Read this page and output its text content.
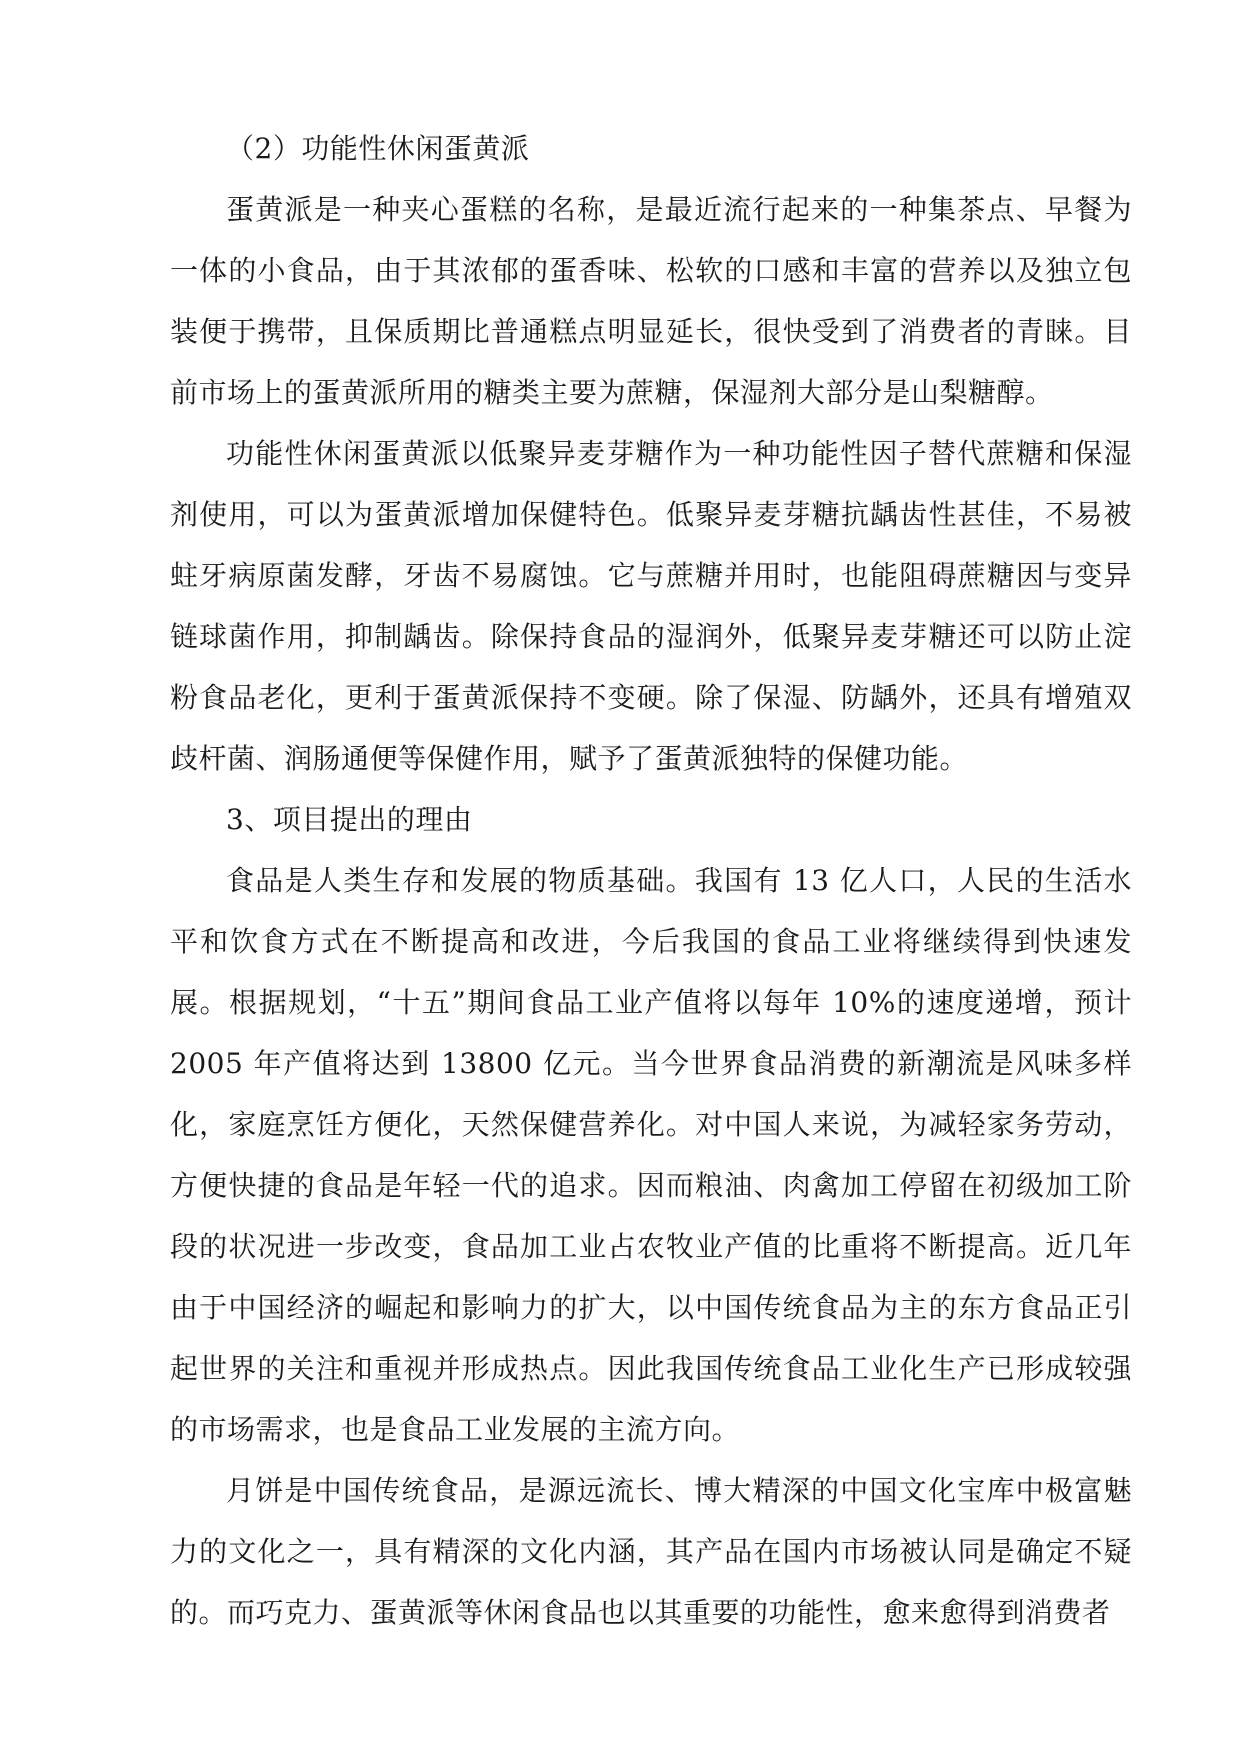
（2）功能性休闲蛋黄派

蛋黄派是一种夹心蛋糕的名称，是最近流行起来的一种集茶点、早餐为一体的小食品，由于其浓郁的蛋香味、松软的口感和丰富的营养以及独立包装便于携带，且保质期比普通糕点明显延长，很快受到了消费者的青睐。目前市场上的蛋黄派所用的糖类主要为蔗糖，保湿剂大部分是山梨糖醇。

功能性休闲蛋黄派以低聚异麦芽糖作为一种功能性因子替代蔗糖和保湿剂使用，可以为蛋黄派增加保健特色。低聚异麦芽糖抗龋齿性甚佳，不易被蛀牙病原菌发酵，牙齿不易腐蚀。它与蔗糖并用时，也能阻碍蔗糖因与变异链球菌作用，抑制龋齿。除保持食品的湿润外，低聚异麦芽糖还可以防止淀粉食品老化，更利于蛋黄派保持不变硬。除了保湿、防龋外，还具有增殖双歧杆菌、润肠通便等保健作用，赋予了蛋黄派独特的保健功能。

3、项目提出的理由

食品是人类生存和发展的物质基础。我国有 13 亿人口，人民的生活水平和饮食方式在不断提高和改进，今后我国的食品工业将继续得到快速发展。根据规划，“十五”期间食品工业产值将以每年 10%的速度递增，预计 2005 年产值将达到 13800 亿元。当今世界食品消费的新潮流是风味多样化，家庭烹饪方便化，天然保健营养化。对中国人来说，为减轻家务劳动，方便快捷的食品是年轻一代的追求。因而粮油、肉禽加工停留在初级加工阶段的状况进一步改变，食品加工业占农牧业产值的比重将不断提高。近几年由于中国经济的崛起和影响力的扩大，以中国传统食品为主的东方食品正引起世界的关注和重视并形成热点。因此我国传统食品工业化生产已形成较强的市场需求，也是食品工业发展的主流方向。

月饼是中国传统食品，是源远流长、博大精深的中国文化宝库中极富魅力的文化之一，具有精深的文化内涵，其产品在国内市场被认同是确定不疑的。而巧克力、蛋黄派等休闲食品也以其重要的功能性，愈来愈得到消费者
